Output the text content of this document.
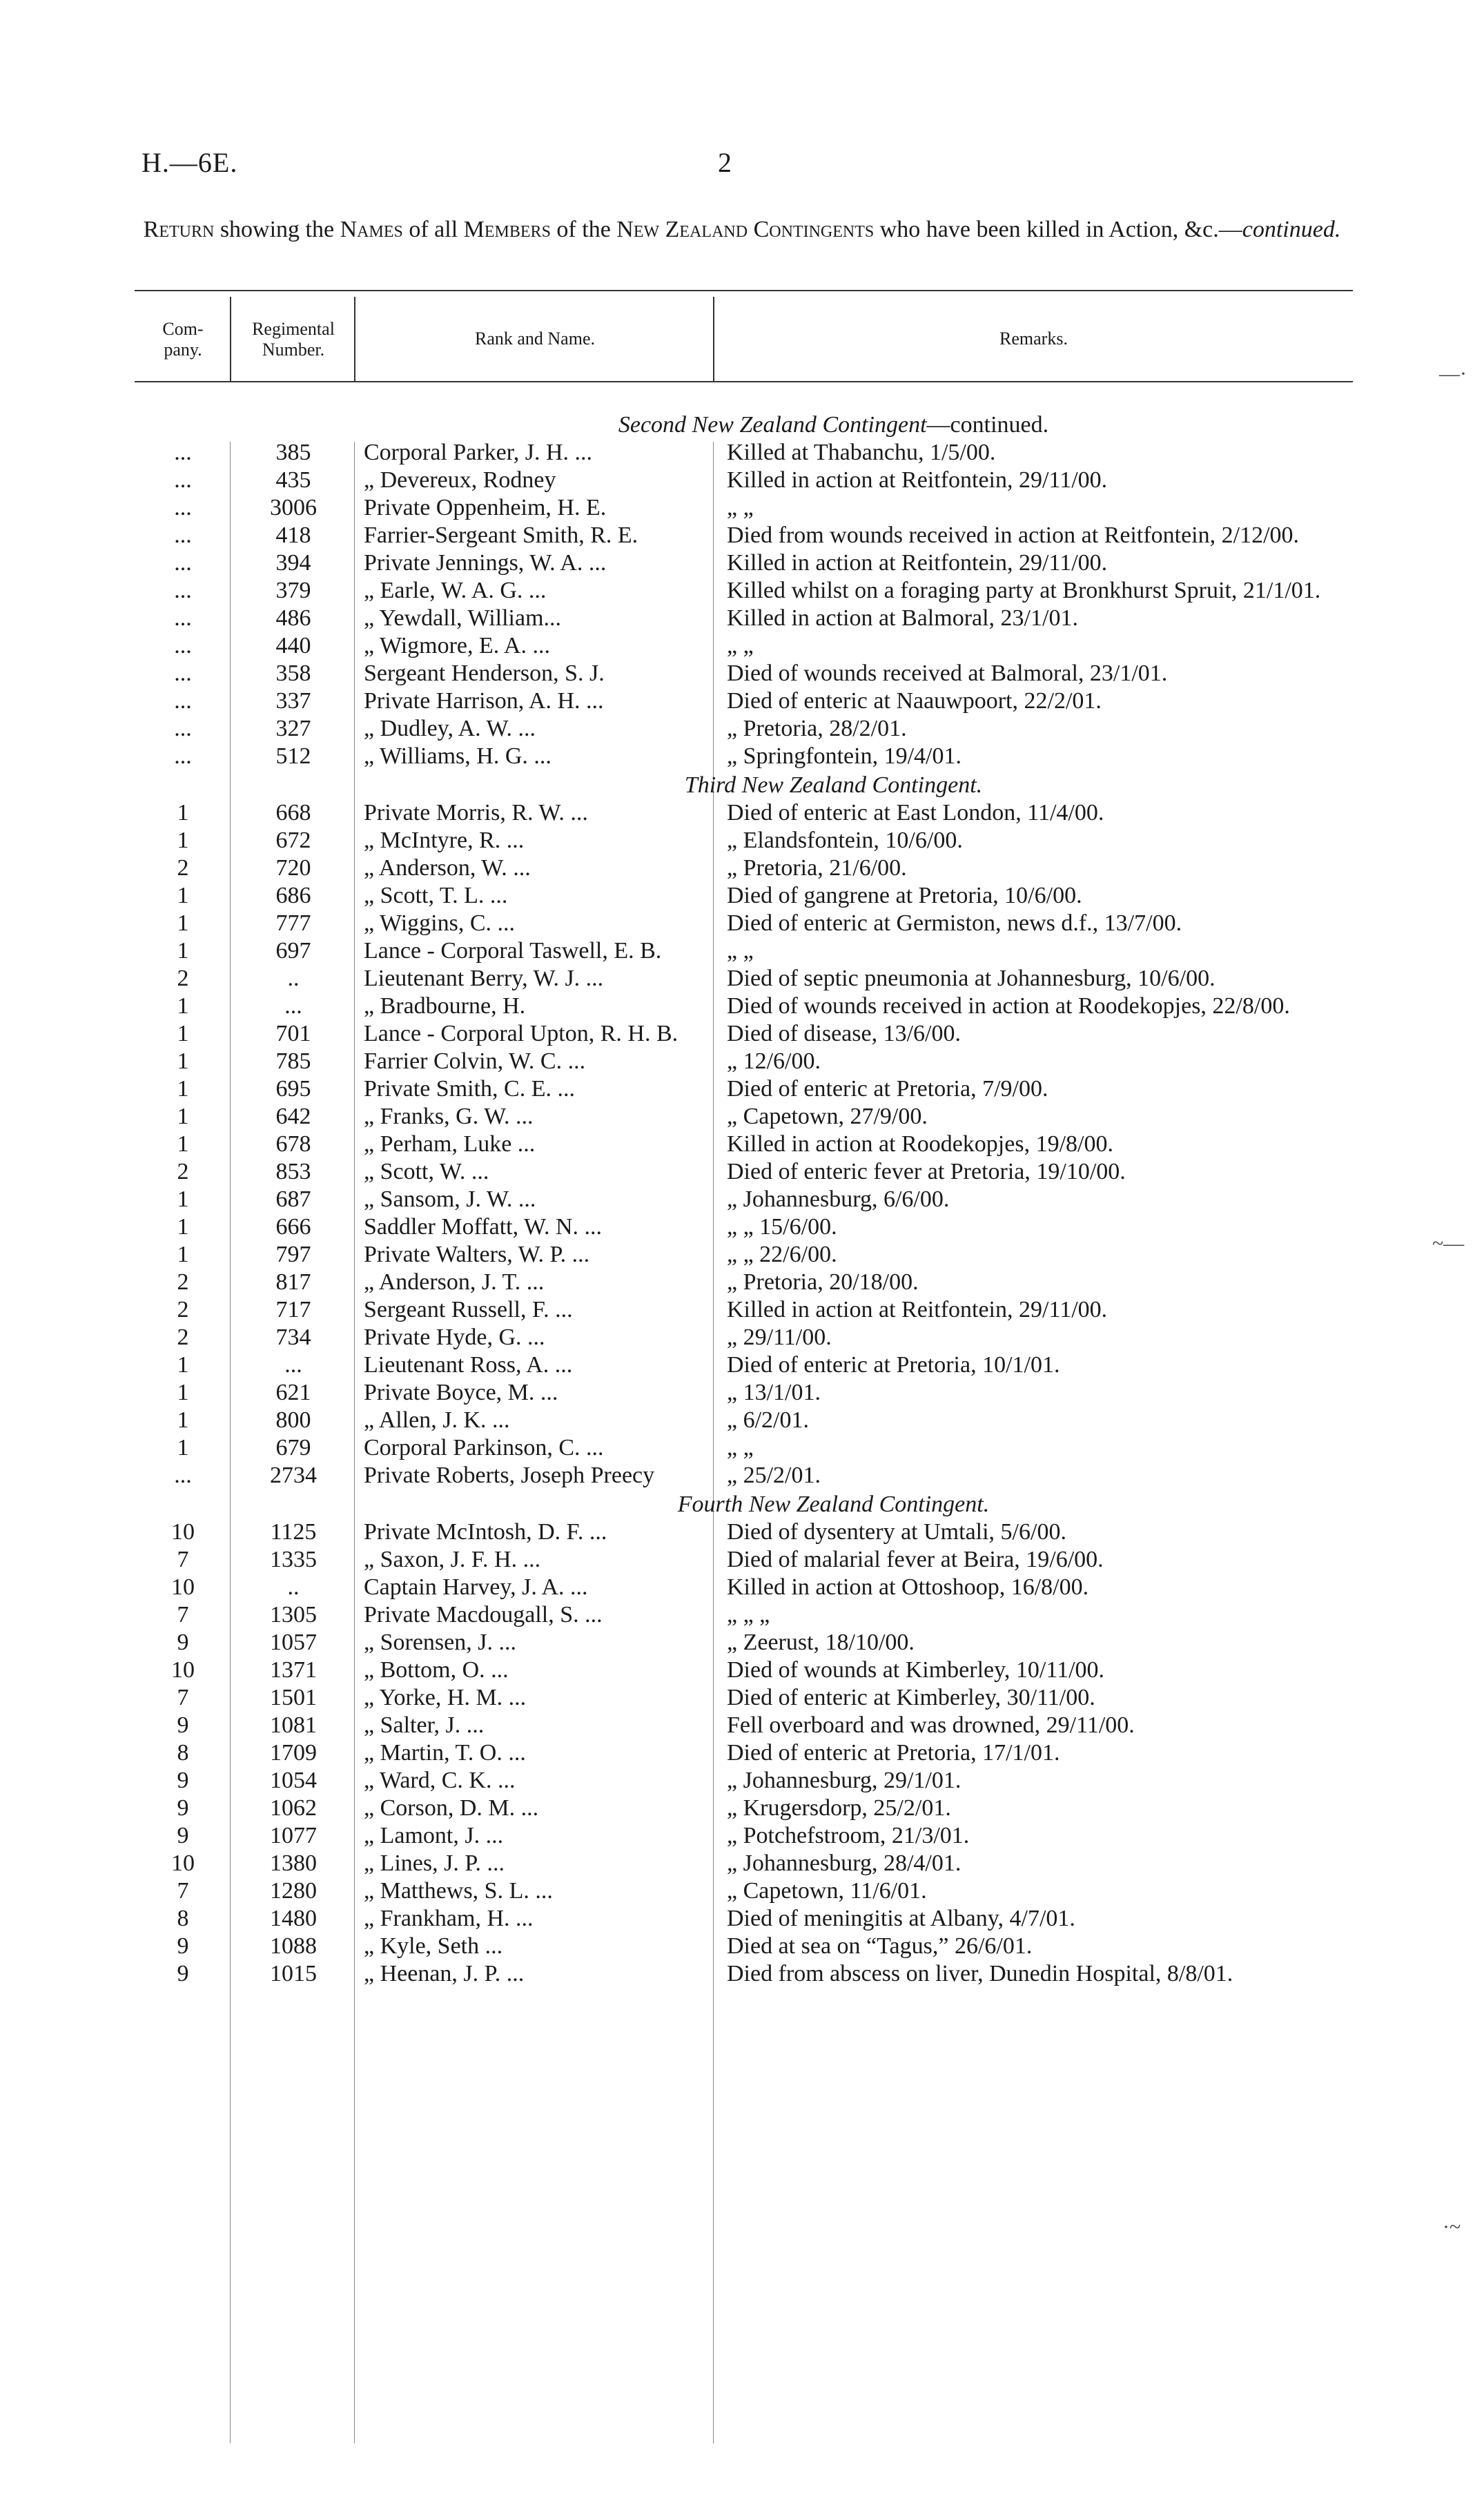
H.—6E.	2
Return showing the Names of all Members of the New Zealand Contingents who have been killed in Action, &c.—continued.
Com-
pany.
Regimental
Number.
Rank and Name.	Remarks.
Second New Zealand Contingent—continued.
...	385	Corporal Parker, J. H. ...	Killed at Thabanchu, 1/5/00.
...	435	„ Devereux, Rodney	Killed in action at Reitfontein, 29/11/00.
...	3006	Private Oppenheim, H. E.	„ „
...	418	Farrier-Sergeant Smith, R. E.	Died from wounds received in action at Reitfontein, 2/12/00.
...	394	Private Jennings, W. A. ...	Killed in action at Reitfontein, 29/11/00.
...	379	„ Earle, W. A. G. ...	Killed whilst on a foraging party at Bronkhurst Spruit, 21/1/01.
...	486	„ Yewdall, William...	Killed in action at Balmoral, 23/1/01.
...	440	„ Wigmore, E. A. ...	„ „
...	358	Sergeant Henderson, S. J.	Died of wounds received at Balmoral, 23/1/01.
...	337	Private Harrison, A. H. ...	Died of enteric at Naauwpoort, 22/2/01.
...	327	„ Dudley, A. W. ...	„ Pretoria, 28/2/01.
...	512	„ Williams, H. G. ...	„ Springfontein, 19/4/01.
Third New Zealand Contingent.
1	668	Private Morris, R. W. ...	Died of enteric at East London, 11/4/00.
1	672	„ McIntyre, R. ...	„ Elandsfontein, 10/6/00.
2	720	„ Anderson, W. ...	„ Pretoria, 21/6/00.
1	686	„ Scott, T. L. ...	Died of gangrene at Pretoria, 10/6/00.
1	777	„ Wiggins, C. ...	Died of enteric at Germiston, news d.f., 13/7/00.
1	697	Lance - Corporal Taswell, E. B.	„ „
2	..	Lieutenant Berry, W. J. ...	Died of septic pneumonia at Johannesburg, 10/6/00.
1	...	„ Bradbourne, H.	Died of wounds received in action at Roodekopjes, 22/8/00.
1	701	Lance - Corporal Upton, R. H. B.	Died of disease, 13/6/00.
1	785	Farrier Colvin, W. C. ...	„ 12/6/00.
1	695	Private Smith, C. E. ...	Died of enteric at Pretoria, 7/9/00.
1	642	„ Franks, G. W. ...	„ Capetown, 27/9/00.
1	678	„ Perham, Luke ...	Killed in action at Roodekopjes, 19/8/00.
2	853	„ Scott, W. ...	Died of enteric fever at Pretoria, 19/10/00.
1	687	„ Sansom, J. W. ...	„ Johannesburg, 6/6/00.
1	666	Saddler Moffatt, W. N. ...	„ „ 15/6/00.
1	797	Private Walters, W. P. ...	„ „ 22/6/00.
2	817	„ Anderson, J. T. ...	„ Pretoria, 20/18/00.
2	717	Sergeant Russell, F. ...	Killed in action at Reitfontein, 29/11/00.
2	734	Private Hyde, G. ...	„ 29/11/00.
1	...	Lieutenant Ross, A. ...	Died of enteric at Pretoria, 10/1/01.
1	621	Private Boyce, M. ...	„ 13/1/01.
1	800	„ Allen, J. K. ...	„ 6/2/01.
1	679	Corporal Parkinson, C. ...	„ „
...	2734	Private Roberts, Joseph Preecy	„ 25/2/01.
Fourth New Zealand Contingent.
10	1125	Private McIntosh, D. F. ...	Died of dysentery at Umtali, 5/6/00.
7	1335	„ Saxon, J. F. H. ...	Died of malarial fever at Beira, 19/6/00.
10	..	Captain Harvey, J. A. ...	Killed in action at Ottoshoop, 16/8/00.
7	1305	Private Macdougall, S. ...	„ „ „
9	1057	„ Sorensen, J. ...	„ Zeerust, 18/10/00.
10	1371	„ Bottom, O. ...	Died of wounds at Kimberley, 10/11/00.
7	1501	„ Yorke, H. M. ...	Died of enteric at Kimberley, 30/11/00.
9	1081	„ Salter, J. ...	Fell overboard and was drowned, 29/11/00.
8	1709	„ Martin, T. O. ...	Died of enteric at Pretoria, 17/1/01.
9	1054	„ Ward, C. K. ...	„ Johannesburg, 29/1/01.
9	1062	„ Corson, D. M. ...	„ Krugersdorp, 25/2/01.
9	1077	„ Lamont, J. ...	„ Potchefstroom, 21/3/01.
10	1380	„ Lines, J. P. ...	„ Johannesburg, 28/4/01.
7	1280	„ Matthews, S. L. ...	„ Capetown, 11/6/01.
8	1480	„ Frankham, H. ...	Died of meningitis at Albany, 4/7/01.
9	1088	„ Kyle, Seth ...	Died at sea on “Tagus,” 26/6/01.
9	1015	„ Heenan, J. P. ...	Died from abscess on liver, Dunedin Hospital, 8/8/01.
—·
~—
·~
